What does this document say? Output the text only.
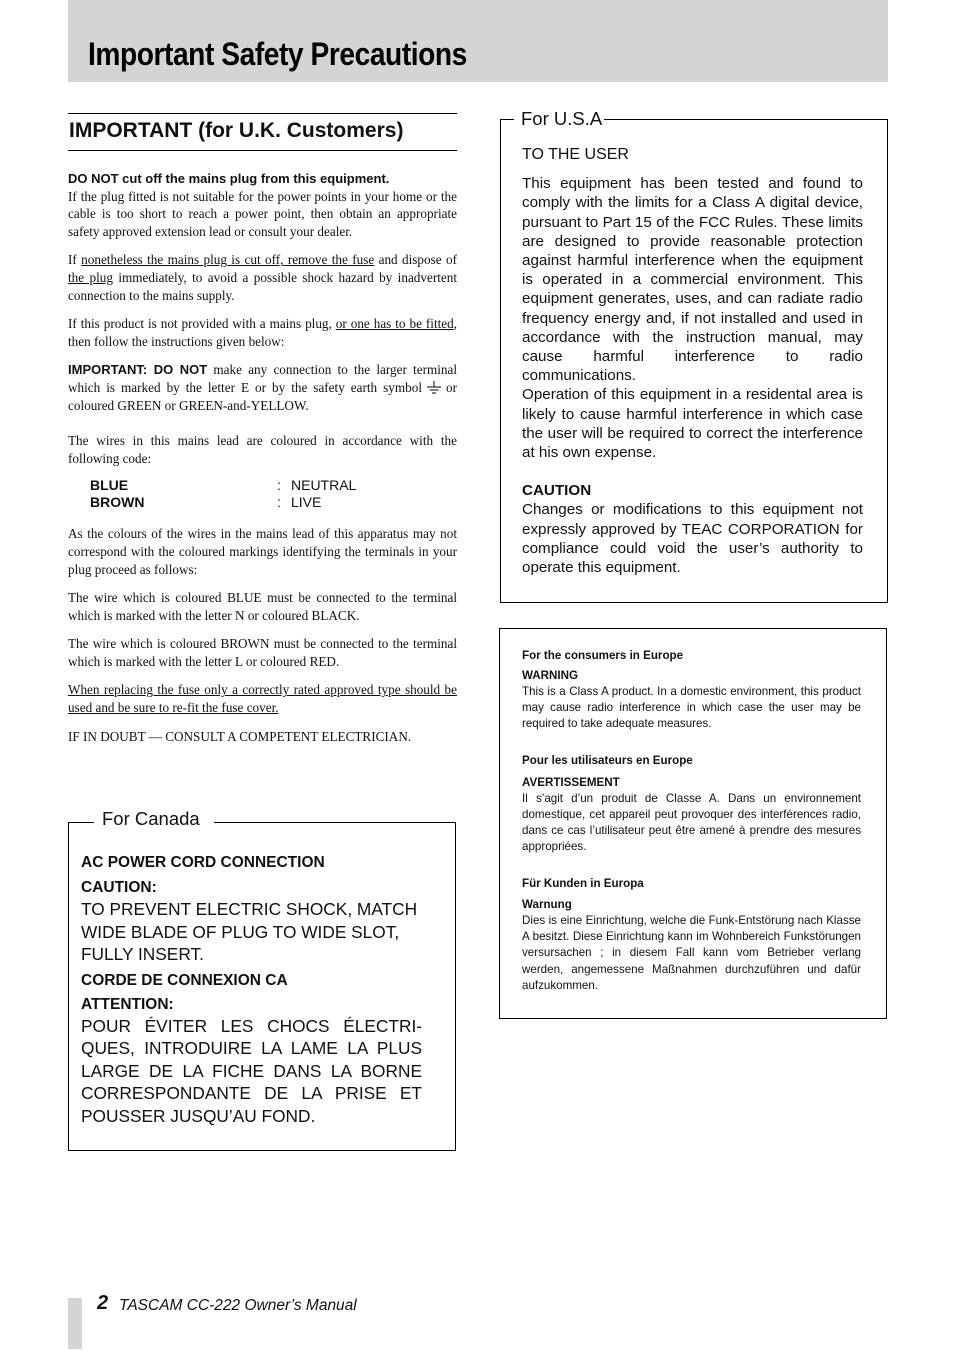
Important Safety Precautions
IMPORTANT (for U.K. Customers)

DO NOT cut off the mains plug from this equipment.
If the plug fitted is not suitable for the power points in your home or the cable is too short to reach a power point, then obtain an appropriate safety approved extension lead or consult your dealer.

If nonetheless the mains plug is cut off, remove the fuse and dispose of the plug immediately, to avoid a possible shock hazard by inadvertent connection to the mains supply.

If this product is not provided with a mains plug, or one has to be fitted, then follow the instructions given below:

IMPORTANT: DO NOT make any connection to the larger terminal which is marked by the letter E or by the safety earth symbol or coloured GREEN or GREEN-and-YELLOW.

The wires in this mains lead are coloured in accordance with the following code:

BLUE	: NEUTRAL
BROWN	: LIVE

As the colours of the wires in the mains lead of this apparatus may not correspond with the coloured markings identifying the terminals in your plug proceed as follows:

The wire which is coloured BLUE must be connected to the terminal which is marked with the letter N or coloured BLACK.

The wire which is coloured BROWN must be connected to the terminal which is marked with the letter L or coloured RED.

When replacing the fuse only a correctly rated approved type should be used and be sure to re-fit the fuse cover.

IF IN DOUBT — CONSULT A COMPETENT ELECTRICIAN.

For Canada
AC POWER CORD CONNECTION
CAUTION:
TO PREVENT ELECTRIC SHOCK, MATCH WIDE BLADE OF PLUG TO WIDE SLOT, FULLY INSERT.
CORDE DE CONNEXION CA
ATTENTION:
POUR ÉVITER LES CHOCS ÉLECTRI-QUES, INTRODUIRE LA LAME LA PLUS LARGE DE LA FICHE DANS LA BORNE CORRESPONDANTE DE LA PRISE ET POUSSER JUSQU’AU FOND.
For U.S.A
TO THE USER
This equipment has been tested and found to comply with the limits for a Class A digital device, pursuant to Part 15 of the FCC Rules. These limits are designed to provide reasonable protection against harmful interference when the equipment is operated in a commercial environment. This equipment generates, uses, and can radiate radio frequency energy and, if not installed and used in accordance with the instruction manual, may cause harmful interference to radio communications.
Operation of this equipment in a residental area is likely to cause harmful interference in which case the user will be required to correct the interference at his own expense.
CAUTION
Changes or modifications to this equipment not expressly approved by TEAC CORPORATION for compliance could void the user’s authority to operate this equipment.
For the consumers in Europe
WARNING
This is a Class A product. In a domestic environment, this product may cause radio interference in which case the user may be required to take adequate measures.
Pour les utilisateurs en Europe
AVERTISSEMENT
Il s’agit d’un produit de Classe A. Dans un environnement domestique, cet appareil peut provoquer des interférences radio, dans ce cas l’utilisateur peut être amené à prendre des mesures appropriées.
Für Kunden in Europa
Warnung
Dies is eine Einrichtung, welche die Funk-Entstörung nach Klasse A besitzt. Diese Einrichtung kann im Wohnbereich Funkstörungen versursachen ; in diesem Fall kann vom Betrieber verlang werden, angemessene Maßnahmen durchzuführen und dafür aufzukommen.
2 TASCAM CC-222 Owner’s Manual
